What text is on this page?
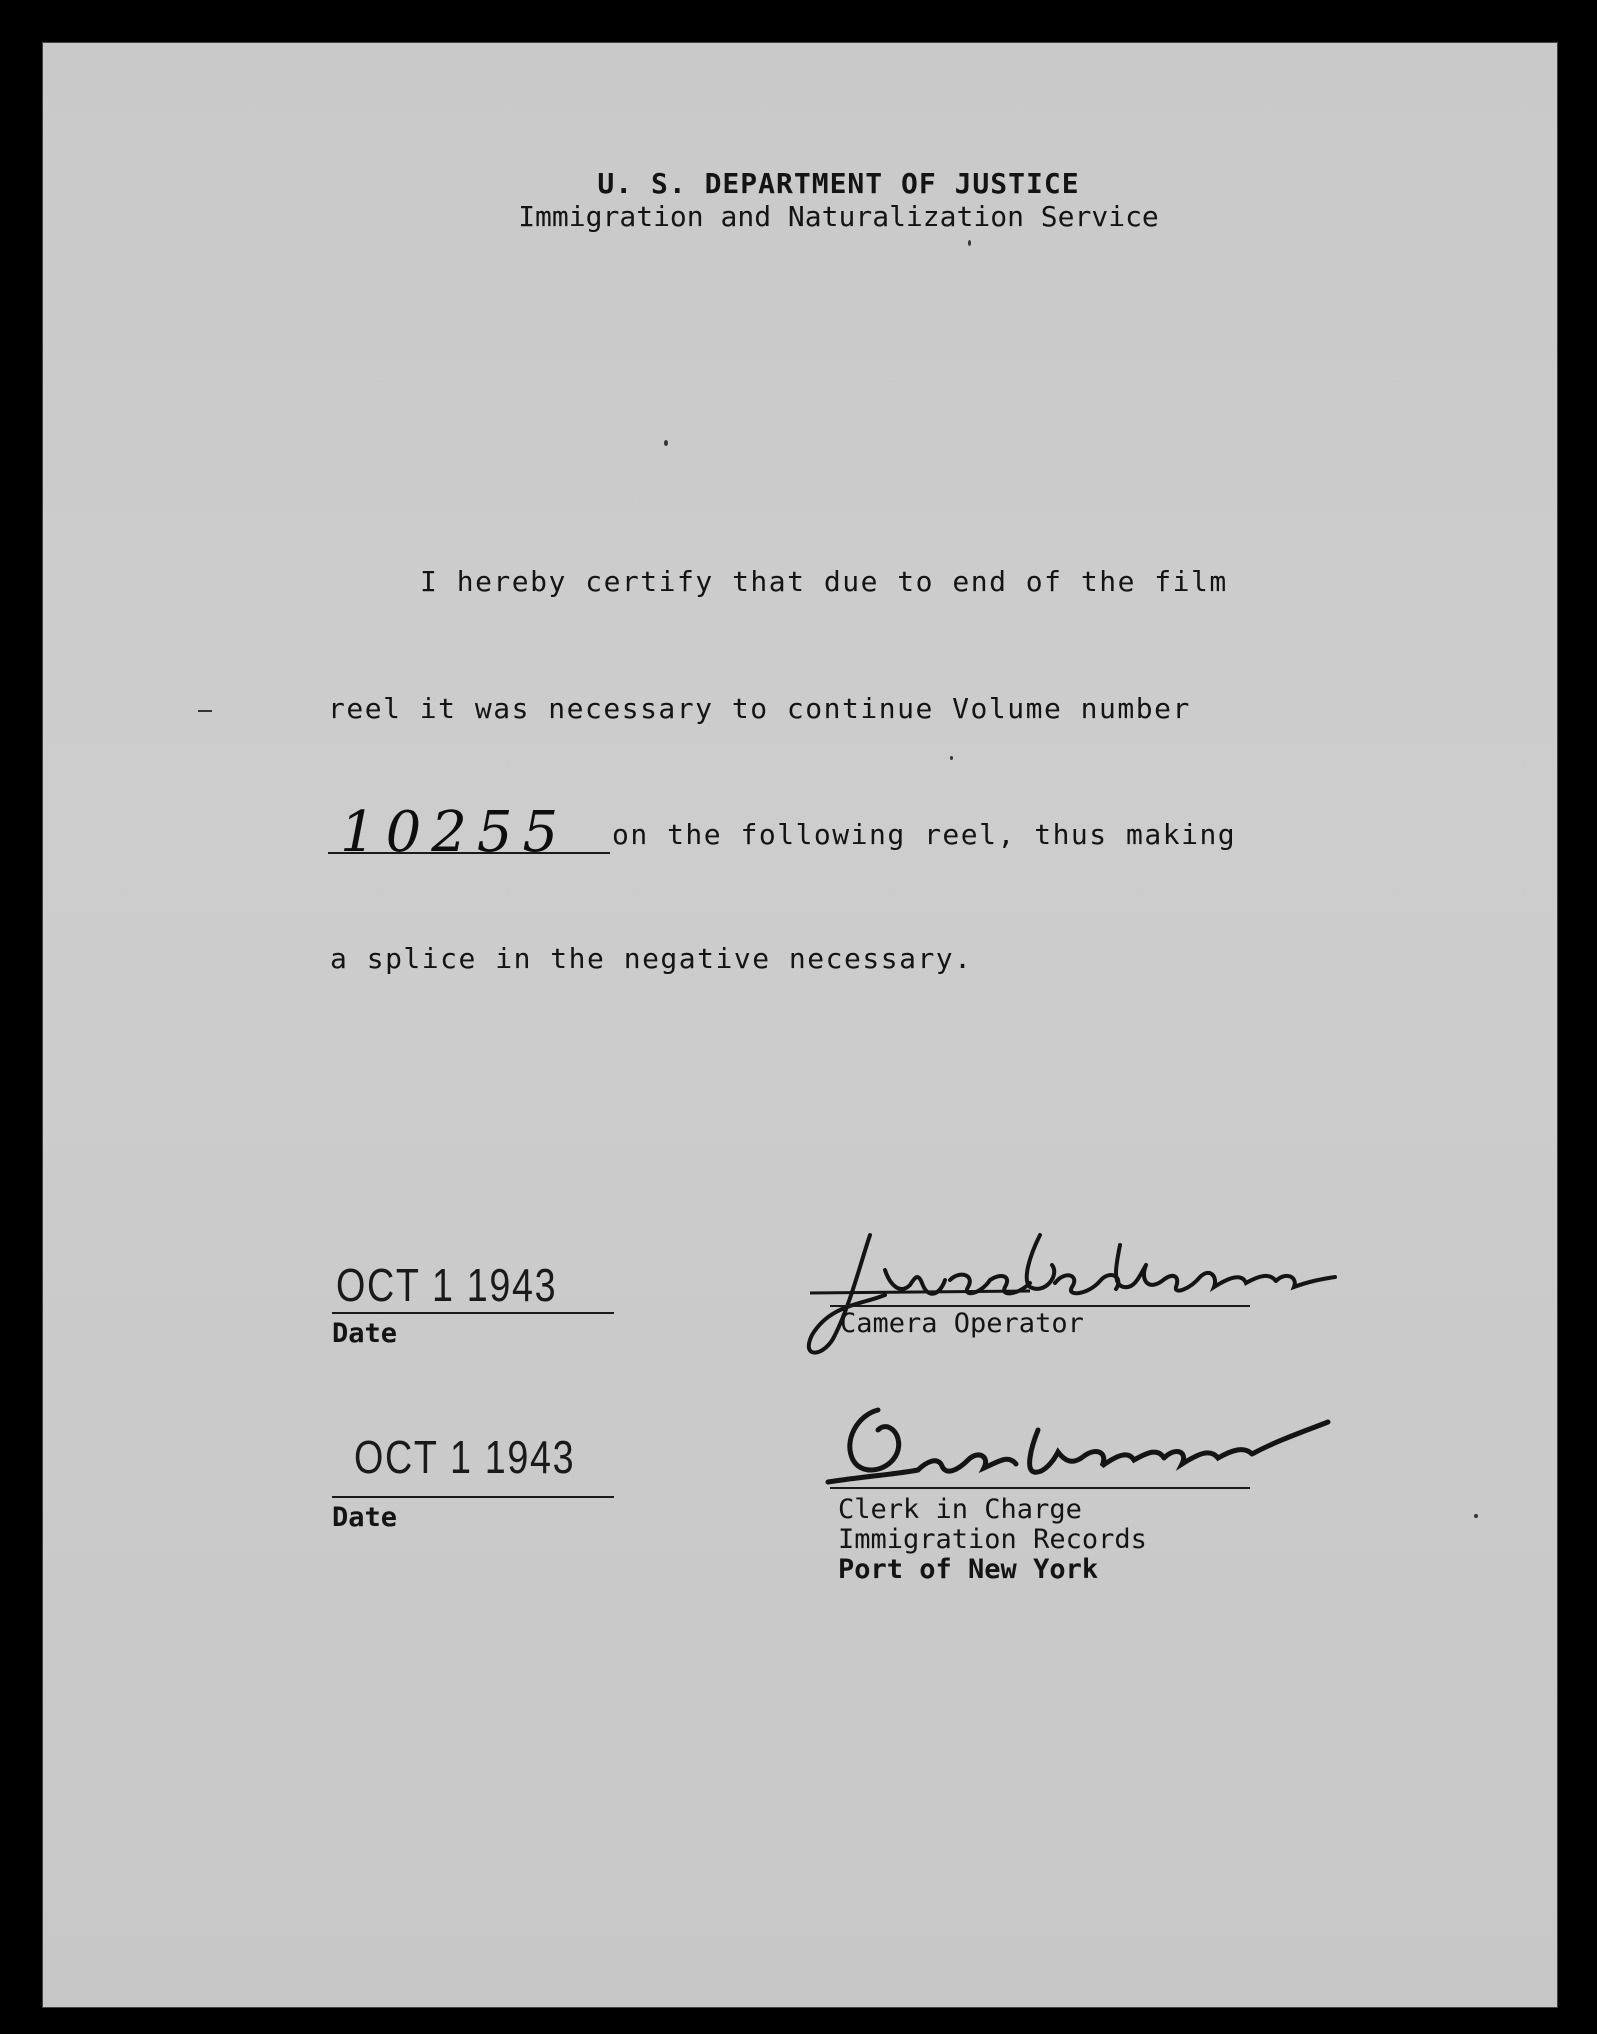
U. S. DEPARTMENT OF JUSTICE
Immigration and Naturalization Service
I hereby certify that due to end of the film
reel it was necessary to continue Volume number
10255 on the following reel, thus making
a splice in the negative necessary.
OCT 1 1943
Date	Camera Operator
OCT 1 1943
Date	Clerk in Charge
Immigration Records
Port of New York
